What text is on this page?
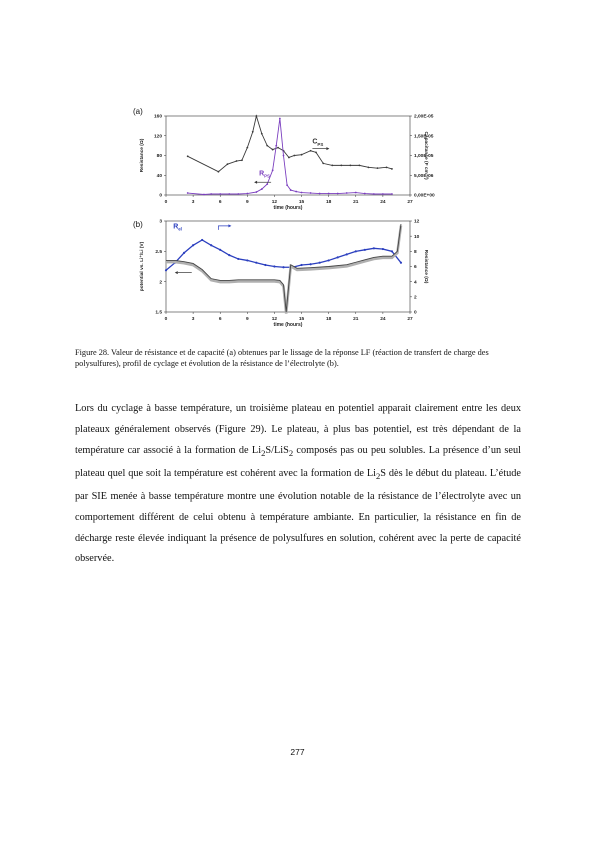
0	3	6	9	12	15	18	21	24	27
time (hours)
0
40
80
120
160
Resistance (Ω)
0,00E+00
5,00E-06
1,00E-05
1,50E-05
2,00E-05
Capacitance (F cm⁻²)
C PS
R PS
0	3	6	9	12	15	18	21	24	27
time (hours)
1.5
2
2.5
3
potential vs. Li⁺/Li (V)
0
2
4
6
8
10
12
Resistance (Ω)
R el
(a)
(b)
Figure 28. Valeur de résistance et de capacité (a) obtenues par le lissage de la réponse LF (réaction de transfert de charge des polysulfures), profil de cyclage et évolution de la résistance de l’électrolyte (b).

Lors du cyclage à basse température, un troisième plateau en potentiel apparait clairement entre les deux plateaux généralement observés (Figure 29). Le plateau, à plus bas potentiel, est très dépendant de la température car associé à la formation de $Li_2S/LiS_2$ composés pas ou peu solubles. La présence d’un seul plateau quel que soit la température est cohérent avec la formation de $Li_2S$ dès le début du plateau. L’étude par SIE menée à basse température montre une évolution notable de la résistance de l’électrolyte avec un comportement différent de celui obtenu à température ambiante. En particulier, la résistance en fin de décharge reste élevée indiquant la présence de polysulfures en solution, cohérent avec la perte de capacité observée.

277
